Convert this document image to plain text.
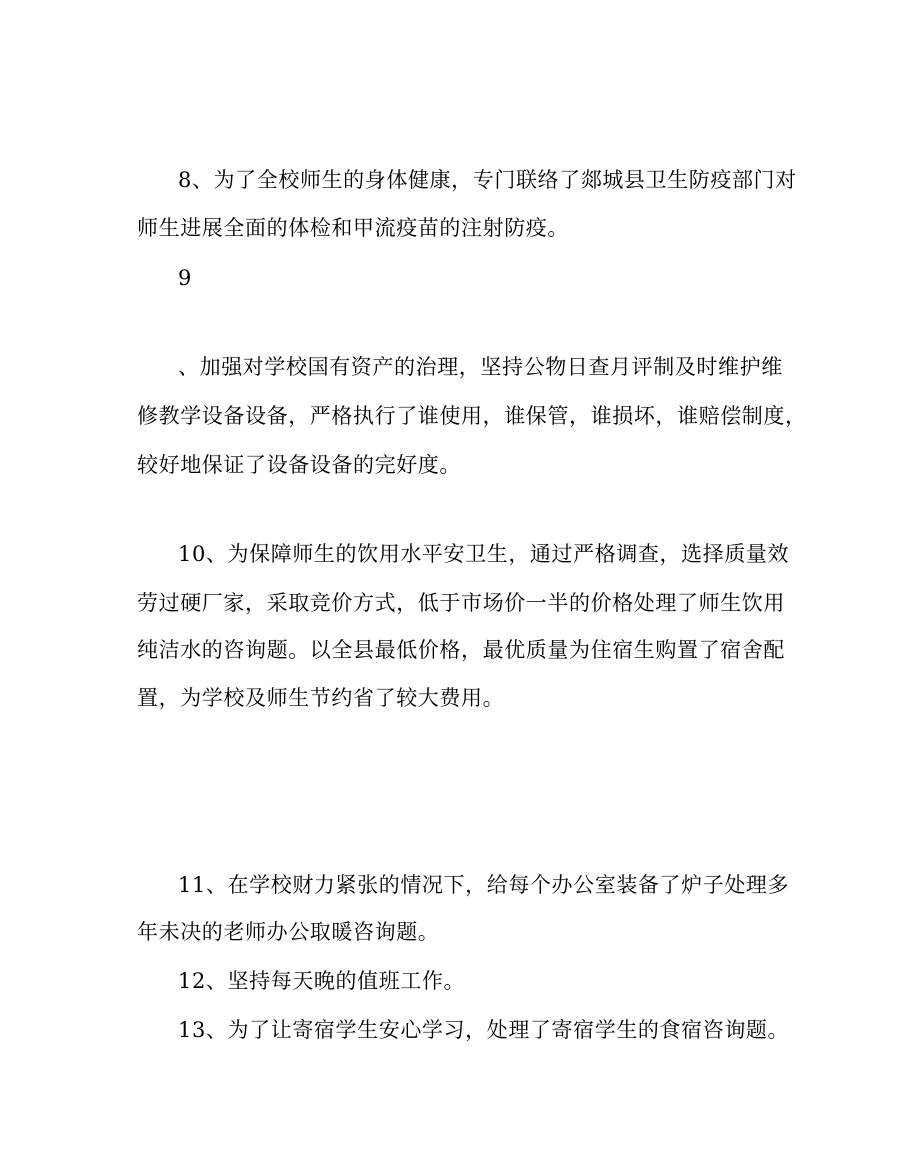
8、为了全校师生的身体健康，专门联络了郯城县卫生防疫部门对
师生进展全面的体检和甲流疫苗的注射防疫。
9
、加强对学校国有资产的治理，坚持公物日查月评制及时维护维
修教学设备设备，严格执行了谁使用，谁保管，谁损坏，谁赔偿制度，
较好地保证了设备设备的完好度。
10、为保障师生的饮用水平安卫生，通过严格调查，选择质量效
劳过硬厂家，采取竞价方式，低于市场价一半的价格处理了师生饮用
纯洁水的咨询题。以全县最低价格，最优质量为住宿生购置了宿舍配
置，为学校及师生节约省了较大费用。
11、在学校财力紧张的情况下，给每个办公室装备了炉子处理多
年未决的老师办公取暖咨询题。
12、坚持每天晚的值班工作。
13、为了让寄宿学生安心学习，处理了寄宿学生的食宿咨询题。
